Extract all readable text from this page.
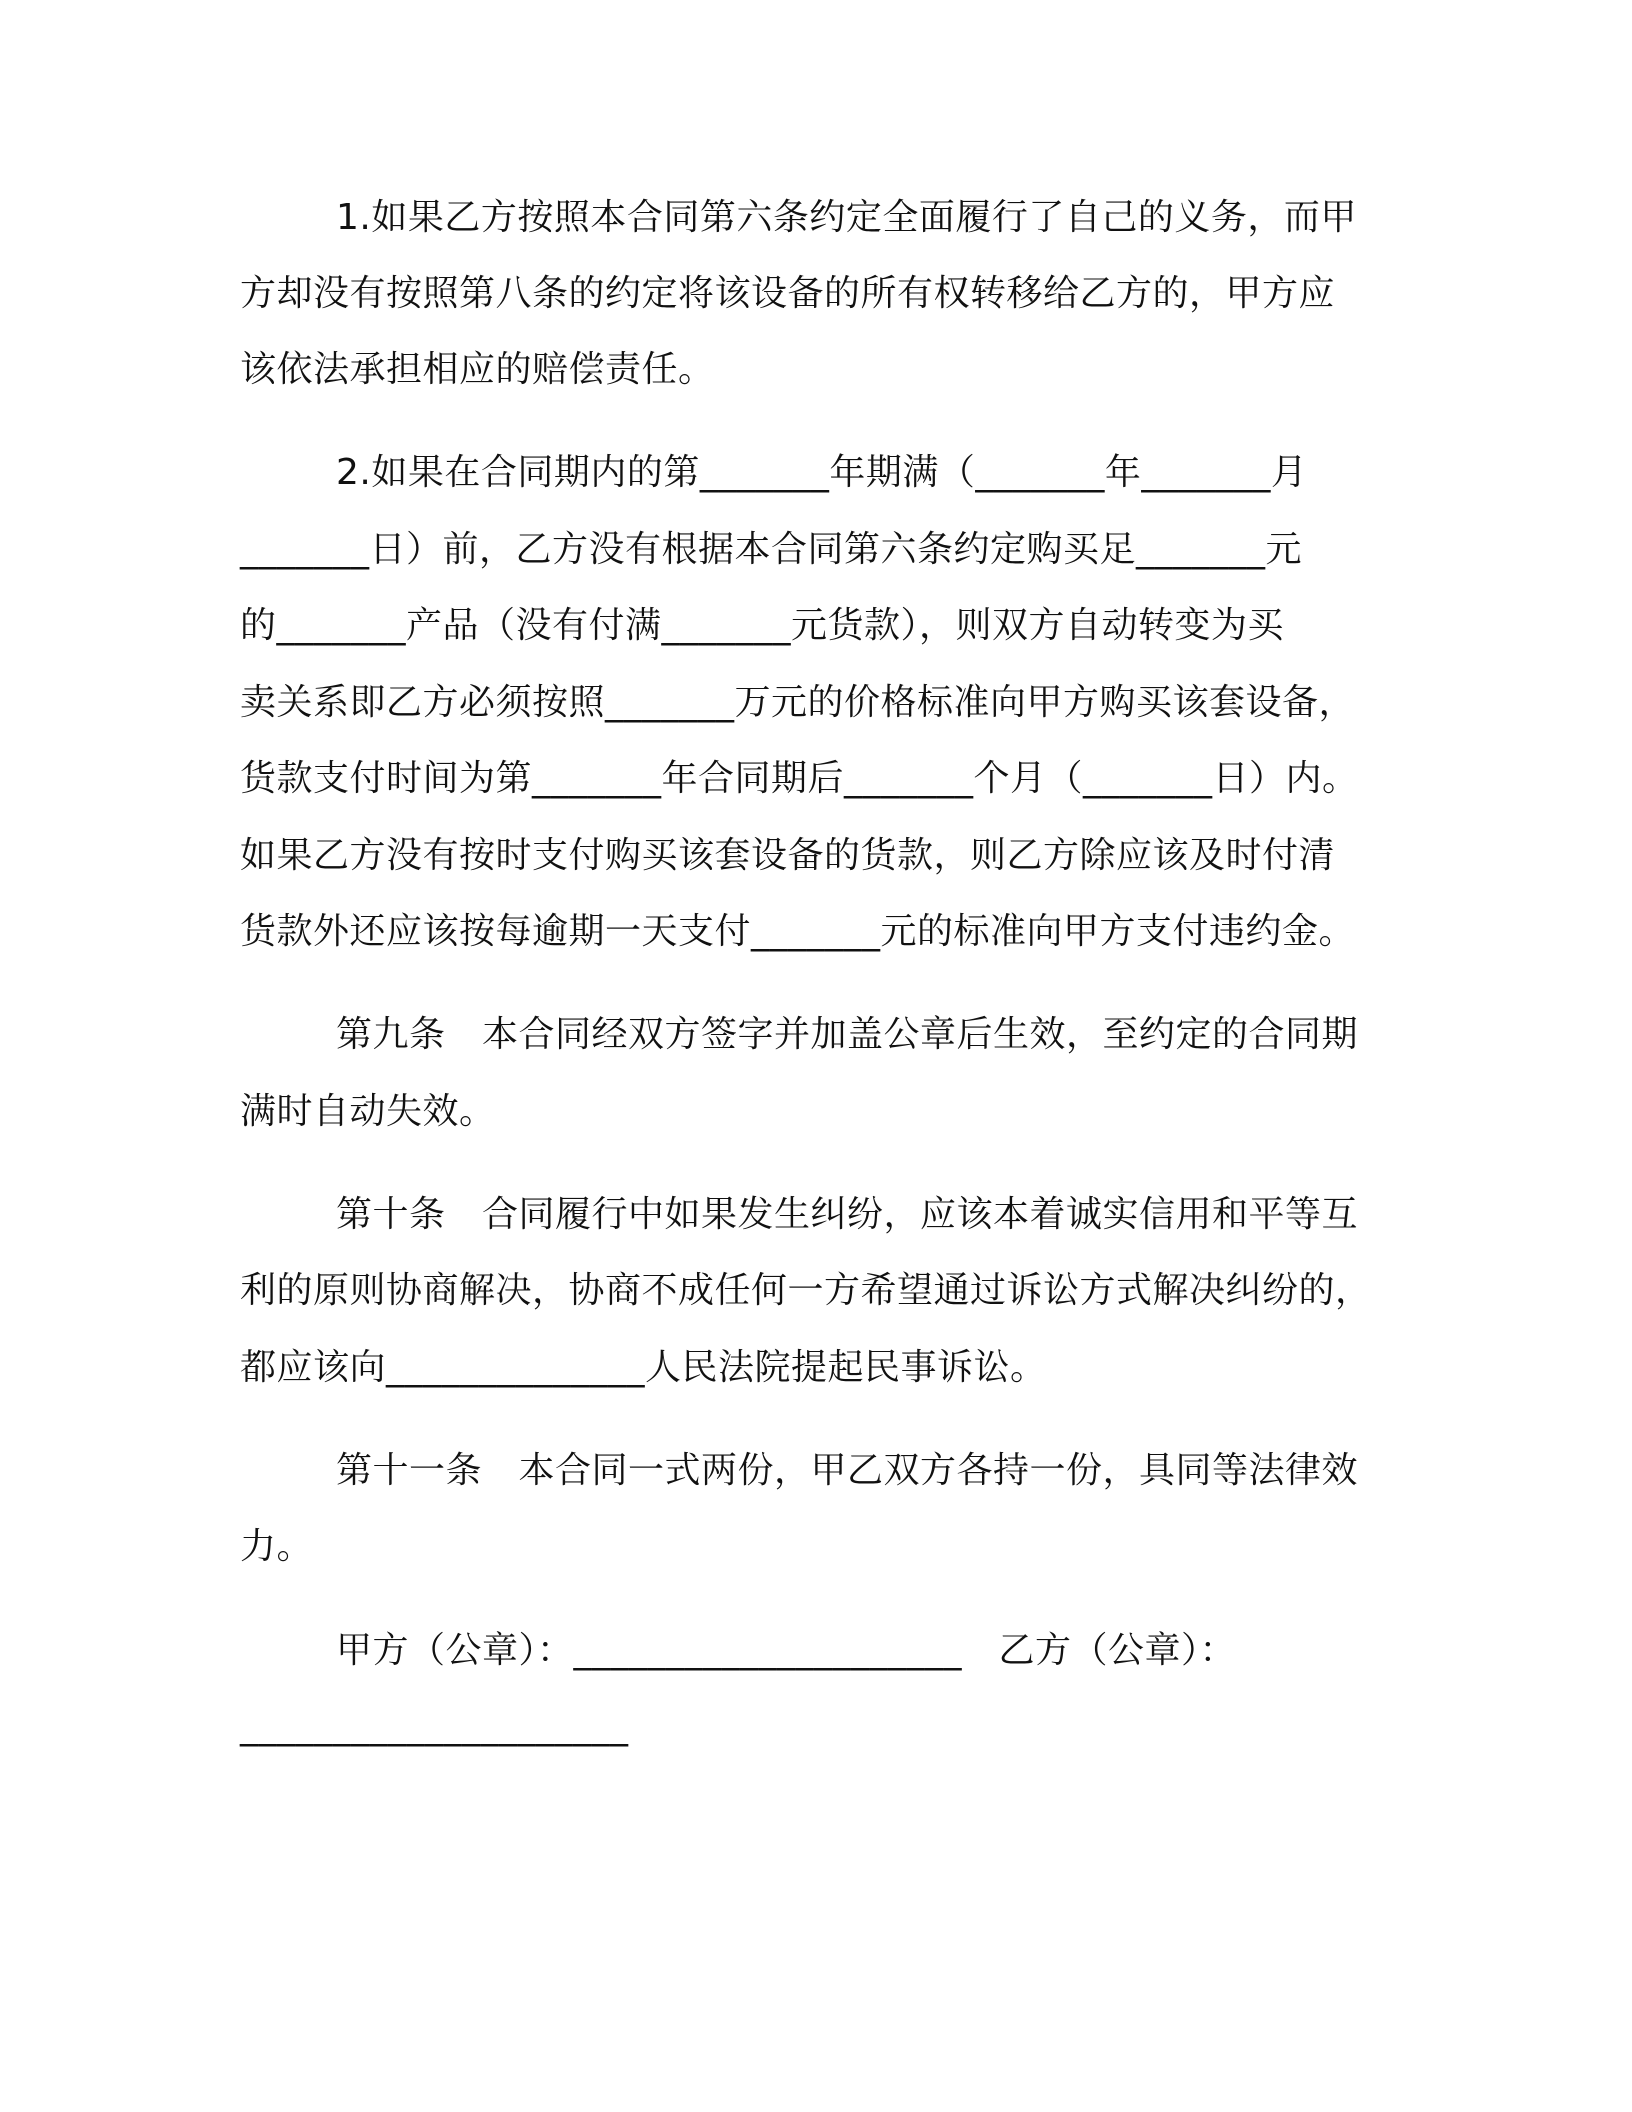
1.如果乙方按照本合同第六条约定全面履行了自己的义务，而甲

方却没有按照第八条的约定将该设备的所有权转移给乙方的，甲方应

该依法承担相应的赔偿责任。

2.如果在合同期内的第_______年期满（_______年_______月

_______日）前，乙方没有根据本合同第六条约定购买足_______元

的_______产品（没有付满_______元货款），则双方自动转变为买

卖关系即乙方必须按照_______万元的价格标准向甲方购买该套设备，

货款支付时间为第_______年合同期后_______个月（_______日）内。

如果乙方没有按时支付购买该套设备的货款，则乙方除应该及时付清

货款外还应该按每逾期一天支付_______元的标准向甲方支付违约金。

第九条　本合同经双方签字并加盖公章后生效，至约定的合同期

满时自动失效。

第十条　合同履行中如果发生纠纷，应该本着诚实信用和平等互

利的原则协商解决，协商不成任何一方希望通过诉讼方式解决纠纷的，

都应该向______________人民法院提起民事诉讼。

第十一条　本合同一式两份，甲乙双方各持一份，具同等法律效

力。

甲方（公章）：_____________________　乙方（公章）：

_____________________
